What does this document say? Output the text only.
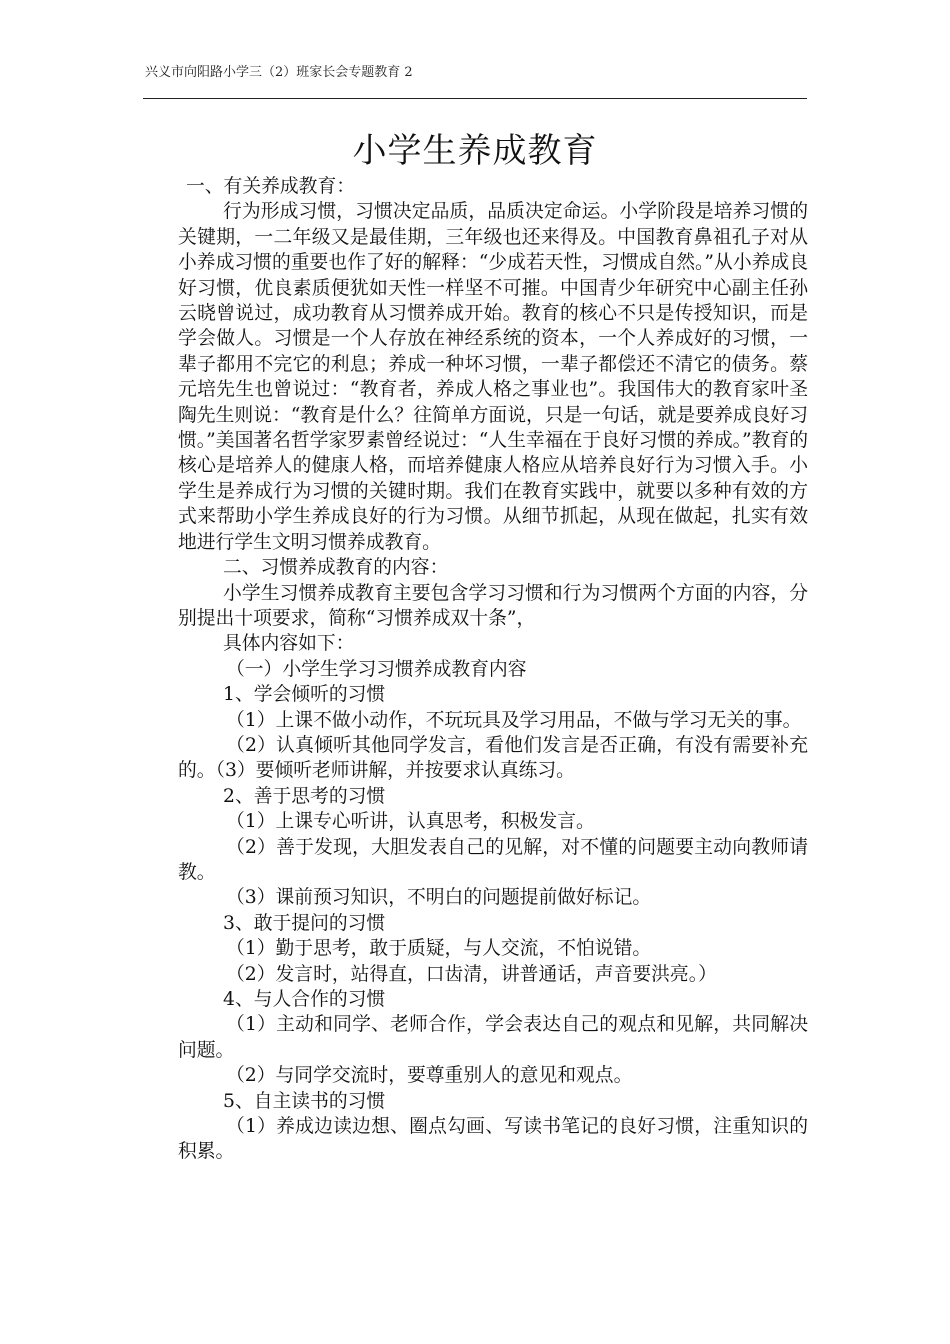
兴义市向阳路小学三（2）班家长会专题教育 2
小学生养成教育

一、有关养成教育：

行为形成习惯，习惯决定品质，品质决定命运。小学阶段是培养习惯的关键期，一二年级又是最佳期，三年级也还来得及。中国教育鼻祖孔子对从小养成习惯的重要也作了好的解释：“少成若天性，习惯成自然。”从小养成良好习惯，优良素质便犹如天性一样坚不可摧。中国青少年研究中心副主任孙云晓曾说过，成功教育从习惯养成开始。教育的核心不只是传授知识，而是学会做人。习惯是一个人存放在神经系统的资本，一个人养成好的习惯，一辈子都用不完它的利息；养成一种坏习惯，一辈子都偿还不清它的债务。蔡元培先生也曾说过：“教育者，养成人格之事业也”。我国伟大的教育家叶圣陶先生则说：“教育是什么？往简单方面说，只是一句话，就是要养成良好习惯。”美国著名哲学家罗素曾经说过：“人生幸福在于良好习惯的养成。”教育的核心是培养人的健康人格，而培养健康人格应从培养良好行为习惯入手。小学生是养成行为习惯的关键时期。我们在教育实践中，就要以多种有效的方式来帮助小学生养成良好的行为习惯。从细节抓起，从现在做起，扎实有效地进行学生文明习惯养成教育。

二、习惯养成教育的内容：

小学生习惯养成教育主要包含学习习惯和行为习惯两个方面的内容，分别提出十项要求，简称“习惯养成双十条”，

具体内容如下：

（一）小学生学习习惯养成教育内容

1、学会倾听的习惯

（1）上课不做小动作，不玩玩具及学习用品，不做与学习无关的事。

（2）认真倾听其他同学发言，看他们发言是否正确，有没有需要补充的。（3）要倾听老师讲解，并按要求认真练习。

2、善于思考的习惯

（1）上课专心听讲，认真思考，积极发言。

（2）善于发现，大胆发表自己的见解，对不懂的问题要主动向教师请教。

（3）课前预习知识，不明白的问题提前做好标记。

3、敢于提问的习惯

（1）勤于思考，敢于质疑，与人交流，不怕说错。

（2）发言时，站得直，口齿清，讲普通话，声音要洪亮。）

4、与人合作的习惯

（1）主动和同学、老师合作，学会表达自己的观点和见解，共同解决问题。

（2）与同学交流时，要尊重别人的意见和观点。

5、自主读书的习惯

（1）养成边读边想、圈点勾画、写读书笔记的良好习惯，注重知识的积累。
